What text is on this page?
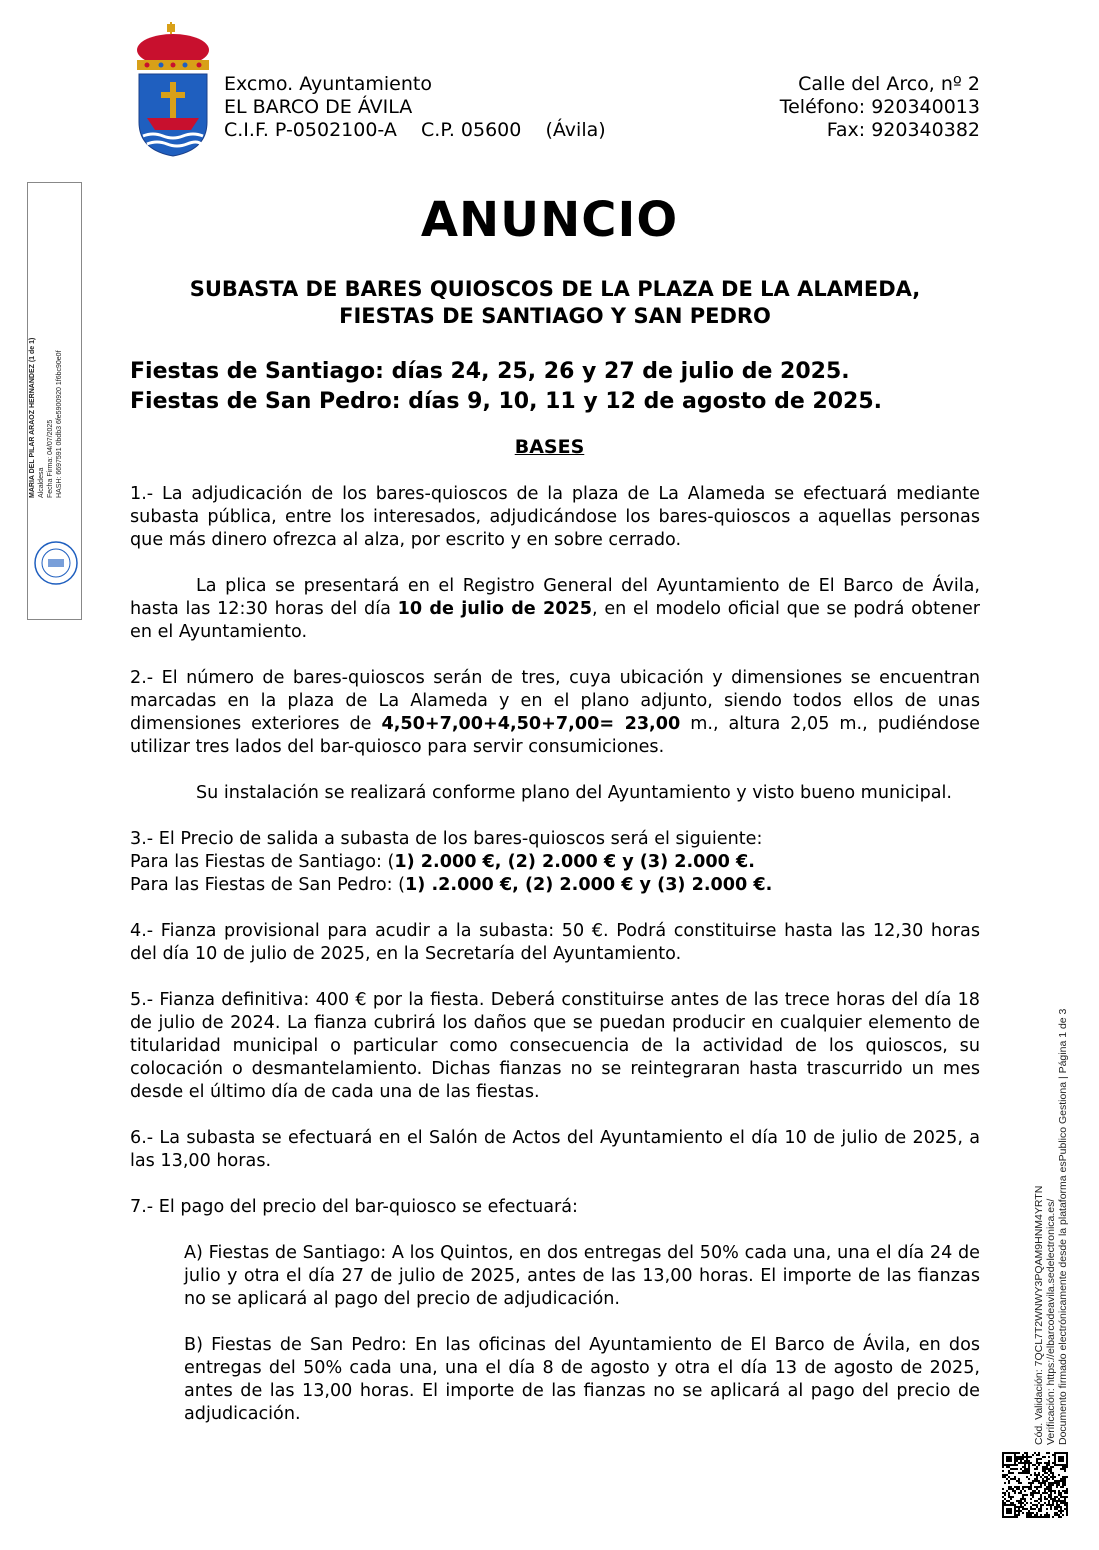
Excmo. Ayuntamiento
EL BARCO DE ÁVILA
C.I.F. P-0502100-A    C.P. 05600    (Ávila)
Calle del Arco, nº 2
Teléfono: 920340013
Fax: 920340382
MARIA DEL PILAR ARAOZ HERNANDEZ (1 de 1) Alcaldesa Fecha Firma: 04/07/2025 HASH: 6697591 0bdb3 6fe5900920 1f6bc90e0f
ANUNCIO
SUBASTA DE BARES QUIOSCOS DE LA PLAZA DE LA ALAMEDA,
FIESTAS DE SANTIAGO Y SAN PEDRO
Fiestas de Santiago: días 24, 25, 26 y 27 de julio de 2025.
Fiestas de San Pedro: días 9, 10, 11 y 12 de agosto de 2025.
BASES

1.- La adjudicación de los bares-quioscos de la plaza de La Alameda se efectuará mediante subasta pública, entre los interesados, adjudicándose los bares-quioscos a aquellas personas que más dinero ofrezca al alza, por escrito y en sobre cerrado.

La plica se presentará en el Registro General del Ayuntamiento de El Barco de Ávila, hasta las 12:30 horas del día 10 de julio de 2025, en el modelo oficial que se podrá obtener en el Ayuntamiento.

2.- El número de bares-quioscos serán de tres, cuya ubicación y dimensiones se encuentran marcadas en la plaza de La Alameda y en el plano adjunto, siendo todos ellos de unas dimensiones exteriores de 4,50+7,00+4,50+7,00= 23,00 m., altura 2,05 m., pudiéndose utilizar tres lados del bar-quiosco para servir consumiciones.

Su instalación se realizará conforme plano del Ayuntamiento y visto bueno municipal.

3.- El Precio de salida a subasta de los bares-quioscos será el siguiente:

Para las Fiestas de Santiago: (1) 2.000 €, (2) 2.000 € y (3) 2.000 €.

Para las Fiestas de San Pedro: (1) .2.000 €, (2) 2.000 € y (3) 2.000 €.

4.- Fianza provisional para acudir a la subasta: 50 €. Podrá constituirse hasta las 12,30 horas del día 10 de julio de 2025, en la Secretaría del Ayuntamiento.

5.- Fianza definitiva: 400 € por la fiesta. Deberá constituirse antes de las trece horas del día 18 de julio de 2024. La fianza cubrirá los daños que se puedan producir en cualquier elemento de titularidad municipal o particular como consecuencia de la actividad de los quioscos, su colocación o desmantelamiento. Dichas fianzas no se reintegraran hasta trascurrido un mes desde el último día de cada una de las fiestas.

6.- La subasta se efectuará en el Salón de Actos del Ayuntamiento el día 10 de julio de 2025, a las 13,00 horas.

7.- El pago del precio del bar-quiosco se efectuará:

A) Fiestas de Santiago: A los Quintos, en dos entregas del 50% cada una, una el día 24 de julio y otra el día 27 de julio de 2025, antes de las 13,00 horas. El importe de las fianzas no se aplicará al pago del precio de adjudicación.

B) Fiestas de San Pedro: En las oficinas del Ayuntamiento de El Barco de Ávila, en dos entregas del 50% cada una, una el día 8 de agosto y otra el día 13 de agosto de 2025, antes de las 13,00 horas. El importe de las fianzas no se aplicará al pago del precio de adjudicación.	Cód. Validación: 7QCL7T2WNWY3PQAM9HNM4YRTN Verificación: https://elbarcodeavila.sedelectronica.es/ Documento firmado electrónicamente desde la plataforma esPublico Gestiona | Página 1 de 3
